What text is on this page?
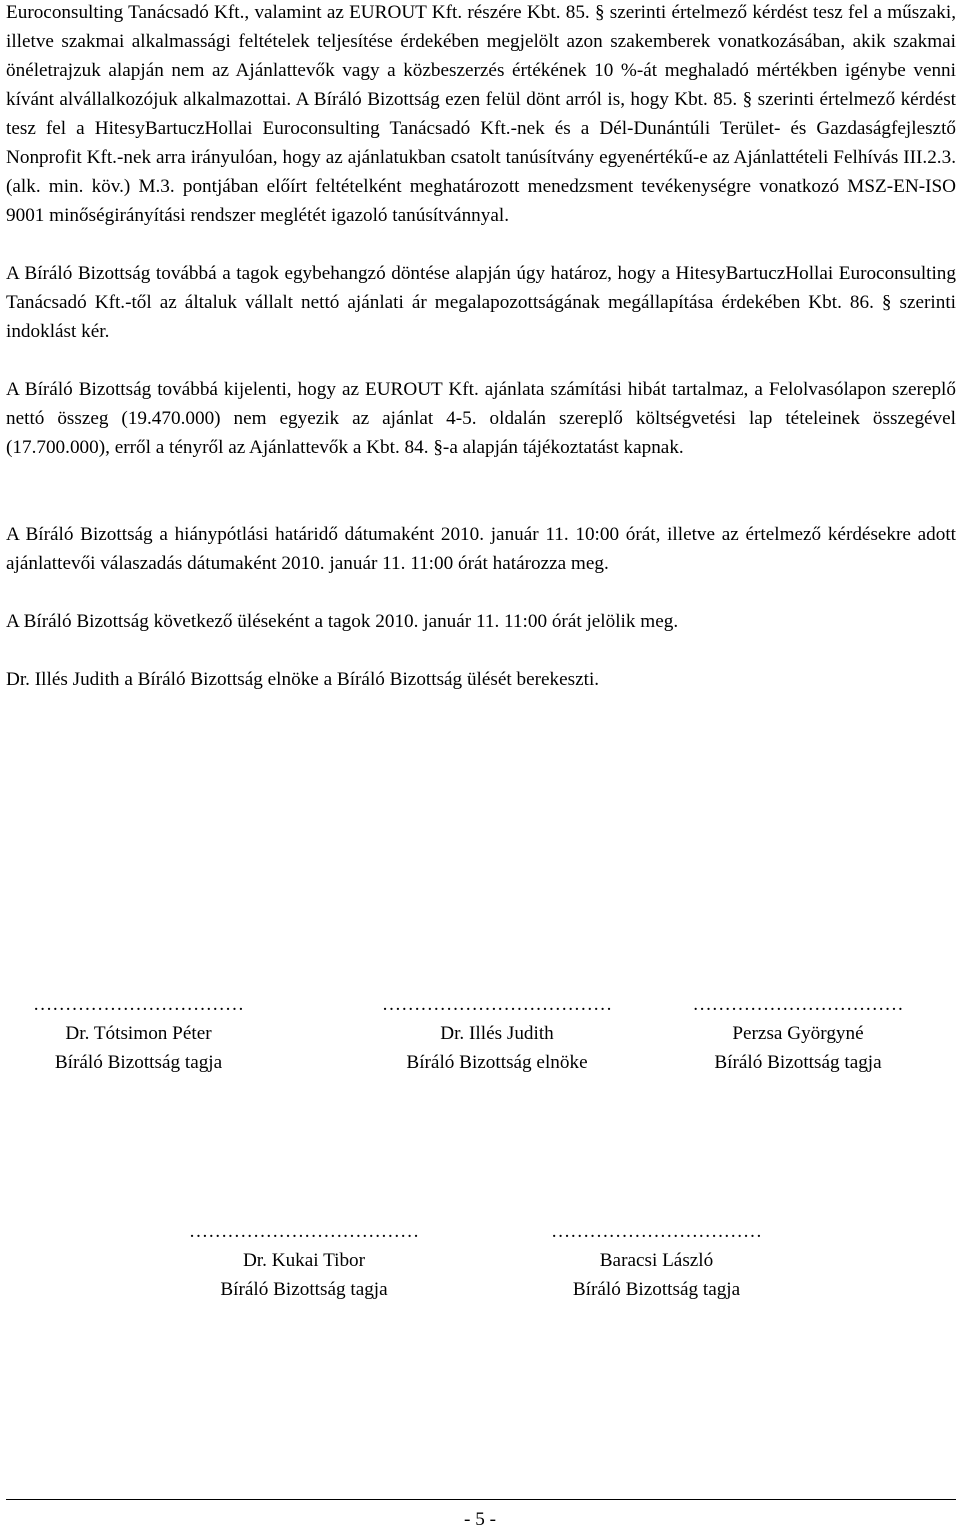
Euroconsulting Tanácsadó Kft., valamint az EUROUT Kft. részére Kbt. 85. § szerinti értelmező kérdést tesz fel a műszaki, illetve szakmai alkalmassági feltételek teljesítése érdekében megjelölt azon szakemberek vonatkozásában, akik szakmai önéletrajzuk alapján nem az Ajánlattevők vagy a közbeszerzés értékének 10 %-át meghaladó mértékben igénybe venni kívánt alvállalkozójuk alkalmazottai. A Bíráló Bizottság ezen felül dönt arról is, hogy Kbt. 85. § szerinti értelmező kérdést tesz fel a HitesyBartuczHollai Euroconsulting Tanácsadó Kft.-nek és a Dél-Dunántúli Terület- és Gazdaságfejlesztő Nonprofit Kft.-nek arra irányulóan, hogy az ajánlatukban csatolt tanúsítvány egyenértékű-e az Ajánlattételi Felhívás III.2.3. (alk. min. köv.) M.3. pontjában előírt feltételként meghatározott menedzsment tevékenységre vonatkozó MSZ-EN-ISO 9001 minőségirányítási rendszer meglétét igazoló tanúsítvánnyal.

A Bíráló Bizottság továbbá a tagok egybehangzó döntése alapján úgy határoz, hogy a HitesyBartuczHollai Euroconsulting Tanácsadó Kft.-től az általuk vállalt nettó ajánlati ár megalapozottságának megállapítása érdekében Kbt. 86. § szerinti indoklást kér.

A Bíráló Bizottság továbbá kijelenti, hogy az EUROUT Kft. ajánlata számítási hibát tartalmaz, a Felolvasólapon szereplő nettó összeg (19.470.000) nem egyezik az ajánlat 4-5. oldalán szereplő költségvetési lap tételeinek összegével (17.700.000), erről a tényről az Ajánlattevők a Kbt. 84. §-a alapján tájékoztatást kapnak.

A Bíráló Bizottság a hiánypótlási határidő dátumaként 2010. január 11. 10:00 órát, illetve az értelmező kérdésekre adott ajánlattevői válaszadás dátumaként 2010. január 11. 11:00 órát határozza meg.

A Bíráló Bizottság következő üléseként a tagok 2010. január 11. 11:00 órát jelölik meg.

Dr. Illés Judith a Bíráló Bizottság elnöke a Bíráló Bizottság ülését berekeszti.

……………………………
Dr. Tótsimon Péter
Bíráló Bizottság tagja
………………………………
Dr. Illés Judith
Bíráló Bizottság elnöke
……………………………
Perzsa Györgyné
Bíráló Bizottság tagja
………………………………
Dr. Kukai Tibor
Bíráló Bizottság tagja
……………………………
Baracsi László
Bíráló Bizottság tagja
- 5 -
